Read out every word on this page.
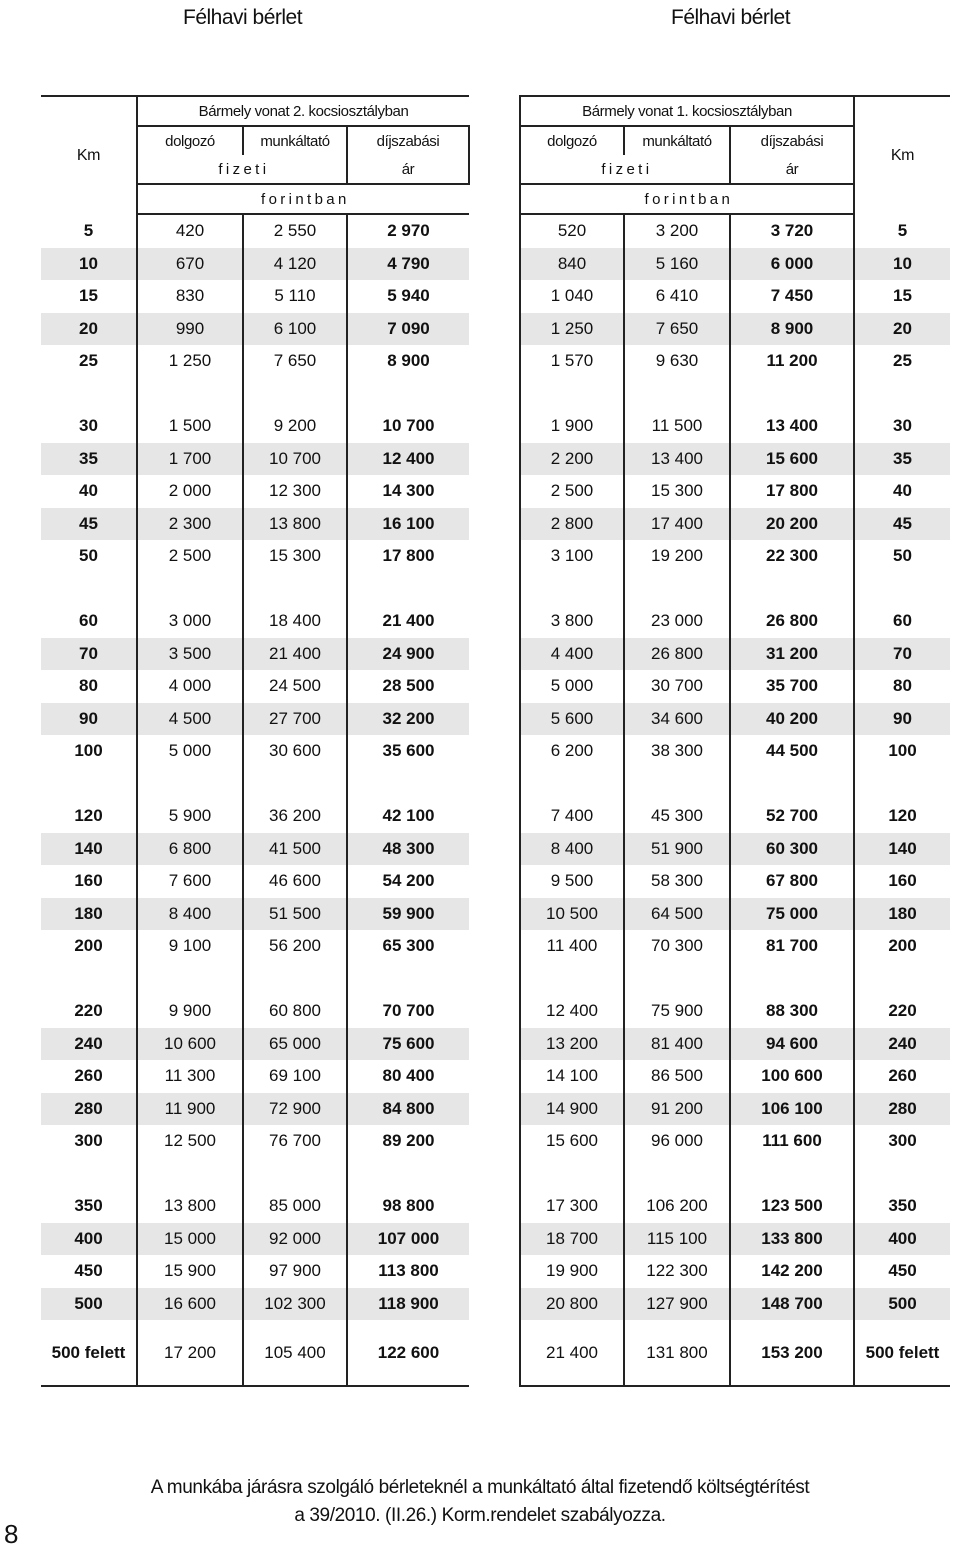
Félhavi bérlet	Félhavi bérlet
Km	Bármely vonat 2. kocsiosztályban		
	dolgozó	munkáltató	díjszabási
	f i z e t i		ár
	f o r i n t b a n		
5	420	2 550	2 970
10	670	4 120	4 790
15	830	5 110	5 940
20	990	6 100	7 090
25	1 250	7 650	8 900

30	1 500	9 200	10 700
35	1 700	10 700	12 400
40	2 000	12 300	14 300
45	2 300	13 800	16 100
50	2 500	15 300	17 800

60	3 000	18 400	21 400
70	3 500	21 400	24 900
80	4 000	24 500	28 500
90	4 500	27 700	32 200
100	5 000	30 600	35 600

120	5 900	36 200	42 100
140	6 800	41 500	48 300
160	7 600	46 600	54 200
180	8 400	51 500	59 900
200	9 100	56 200	65 300

220	9 900	60 800	70 700
240	10 600	65 000	75 600
260	11 300	69 100	80 400
280	11 900	72 900	84 800
300	12 500	76 700	89 200

350	13 800	85 000	98 800
400	15 000	92 000	107 000
450	15 900	97 900	113 800
500	16 600	102 300	118 900
500 felett	17 200	105 400	122 600
Bármely vonat 1. kocsiosztályban			Km
dolgozó	munkáltató	díjszabási	
f i z e t i		ár	
f o r i n t b a n			
520	3 200	3 720	5
840	5 160	6 000	10
1 040	6 410	7 450	15
1 250	7 650	8 900	20
1 570	9 630	11 200	25

1 900	11 500	13 400	30
2 200	13 400	15 600	35
2 500	15 300	17 800	40
2 800	17 400	20 200	45
3 100	19 200	22 300	50

3 800	23 000	26 800	60
4 400	26 800	31 200	70
5 000	30 700	35 700	80
5 600	34 600	40 200	90
6 200	38 300	44 500	100

7 400	45 300	52 700	120
8 400	51 900	60 300	140
9 500	58 300	67 800	160
10 500	64 500	75 000	180
11 400	70 300	81 700	200

12 400	75 900	88 300	220
13 200	81 400	94 600	240
14 100	86 500	100 600	260
14 900	91 200	106 100	280
15 600	96 000	111 600	300

17 300	106 200	123 500	350
18 700	115 100	133 800	400
19 900	122 300	142 200	450
20 800	127 900	148 700	500
21 400	131 800	153 200	500 felett
A munkába járásra szolgáló bérleteknél a munkáltató által fizetendő költségtérítést
a 39/2010. (II.26.) Korm.rendelet szabályozza.
8
